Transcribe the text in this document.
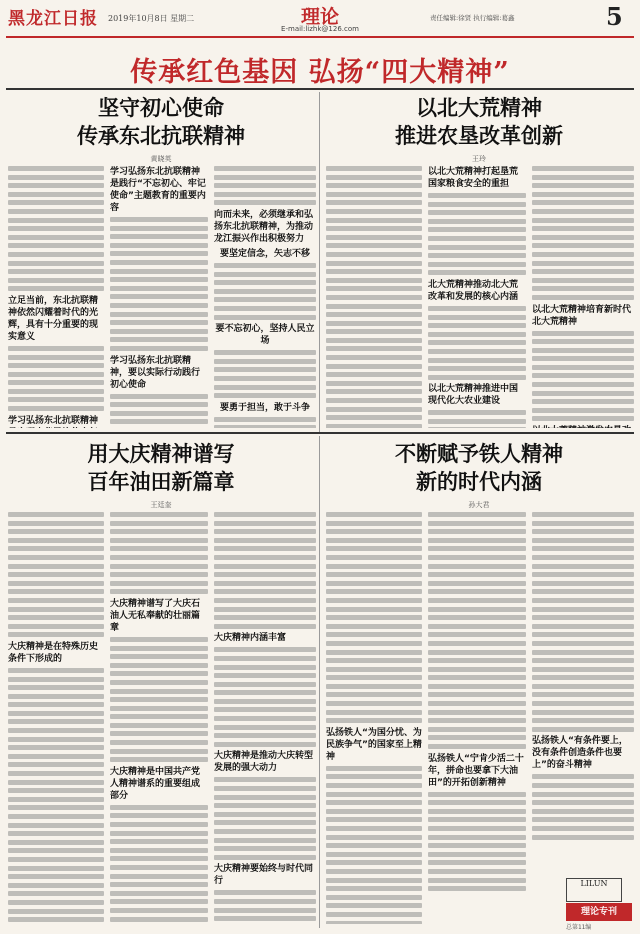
黑龙江日报 2019年10月8日 星期二	理论
E-mail:lizhk@126.com
责任编辑:徐贤 执行编辑:葛鑫	5
传承红色基因 弘扬“四大精神”
坚守初心使命
传承东北抗联精神
黄晓英
立足当前，东北抗联精神依然闪耀着时代的光辉，具有十分重要的现实意义
学习弘扬东北抗联精神
学习弘扬东北抗联精神是践行“不忘初心、牢记使命”主题教育的重要内容
学习弘扬东北抗联精神，要以实际行动践行初心使命
向而未来，必须继承和弘扬东北抗联精神，为推动龙江振兴作出积极努力
要坚定信念，矢志不移
要不忘初心，坚持人民立场
要勇于担当，敢于斗争
以北大荒精神
推进农垦改革创新
王玲
以北大荒精神打起垦荒国家粮食安全的重担
北大荒精神推动北大荒改革和发展的核心内涵
以北大荒精神推进中国现代化大农业建设
以北大荒精神培育新时代北大荒精神
用大庆精神谱写
百年油田新篇章
王廷奎
大庆精神是在特殊历史条件下形成的
大庆精神谱写了大庆石油人无私奉献的壮丽篇章
大庆精神是中国共产党人精神谱系的重要组成部分
大庆精神内涵丰富
大庆精神是推动大庆转型发展的强大动力
大庆精神要始终与时代同行
不断赋予铁人精神
新的时代内涵
孙大君
弘扬铁人“为国分忧、为民族争气”的国家至上精神	弘扬铁人“宁肯少活二十年，拼命也要拿下大油田”的开拓创新精神
弘扬铁人“有条件要上，没有条件创造条件也要上”的奋斗精神
LILUN
理论专刊
总第11编
